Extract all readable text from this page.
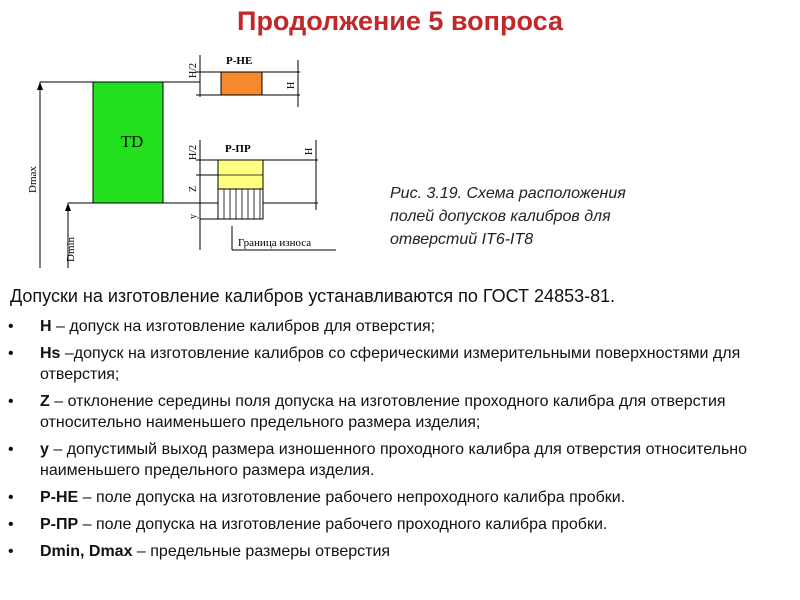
Продолжение 5 вопроса
TD
Dmax
Dmin
H/2
Р-НЕ
H
H/2
Z
y
Р-ПР
Граница износа
H
Рис. 3.19. Схема расположения
полей допусков калибров для
отверстий IT6-IT8
Допуски на изготовление калибров устанавливаются по ГОСТ 24853-81.
• Н – допуск на изготовление калибров для отверстия;
• Hs –допуск на изготовление калибров со сферическими измерительными поверхностями для отверстия;
• Z – отклонение середины поля допуска на изготовление проходного калибра для отверстия относительно наименьшего предельного размера изделия;
• у – допустимый выход размера изношенного проходного калибра для отверстия относительно наименьшего предельного размера изделия.
• Р-НЕ – поле допуска на изготовление рабочего непроходного калибра пробки.
• Р-ПР – поле допуска на изготовление рабочего проходного калибра пробки.
• Dmin, Dmax – предельные размеры отверстия
